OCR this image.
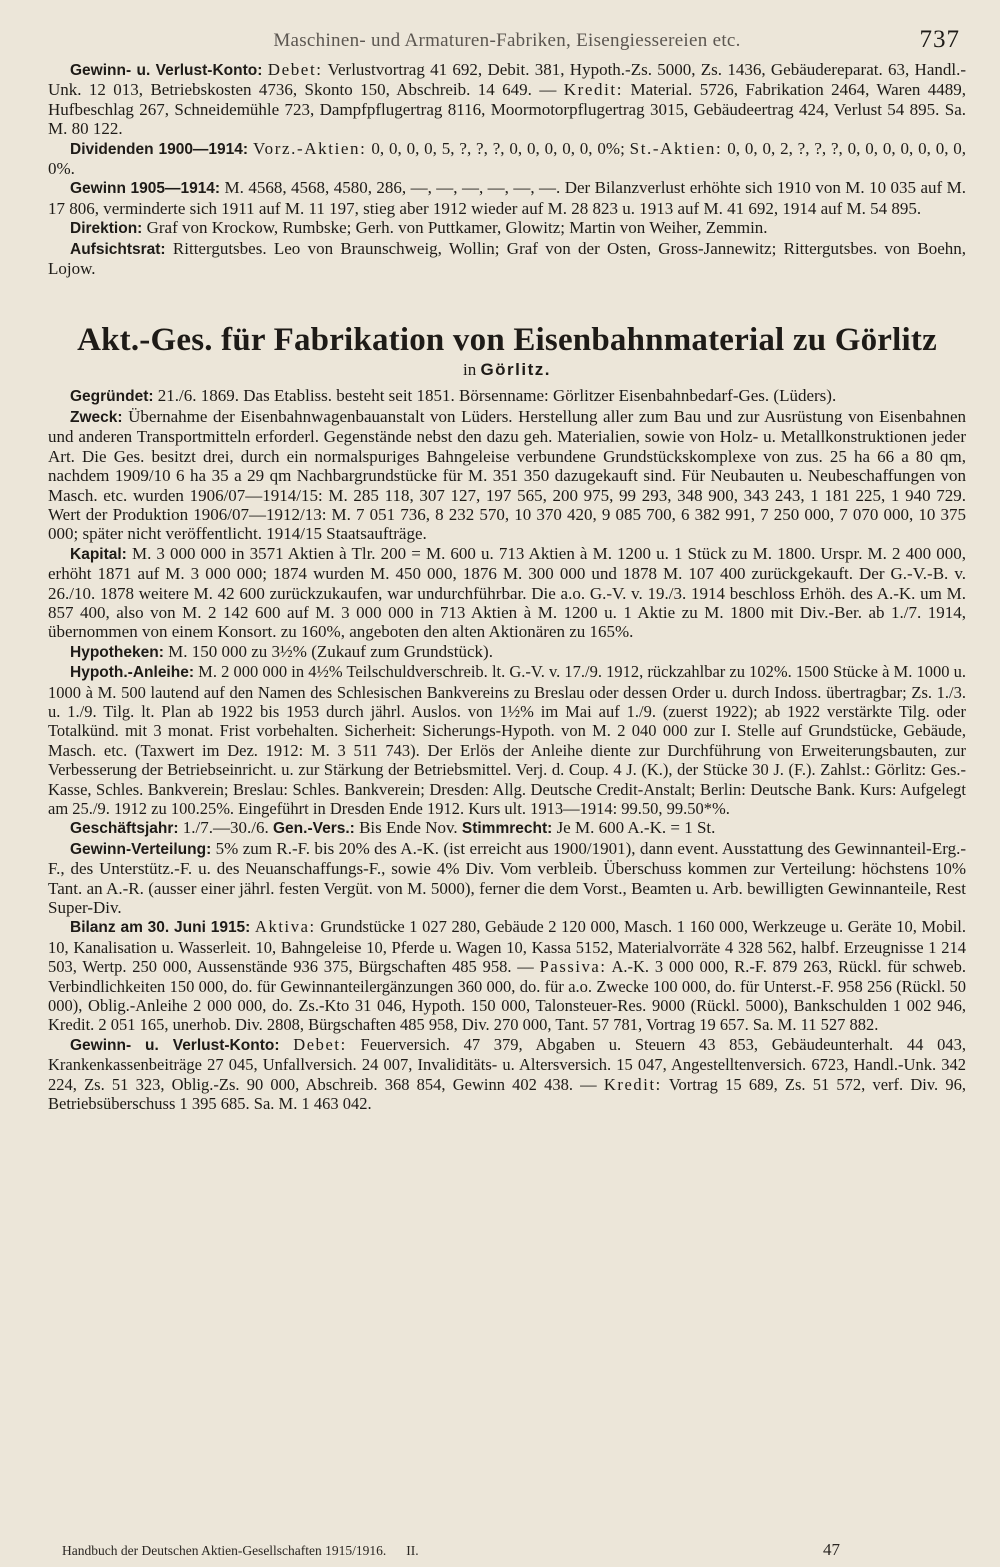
Maschinen- und Armaturen-Fabriken, Eisengiessereien etc.	737

Gewinn- u. Verlust-Konto: Debet: Verlustvortrag 41 692, Debit. 381, Hypoth.-Zs. 5000, Zs. 1436, Gebäudereparat. 63, Handl.-Unk. 12 013, Betriebskosten 4736, Skonto 150, Abschreib. 14 649. — Kredit: Material. 5726, Fabrikation 2464, Waren 4489, Hufbeschlag 267, Schneidemühle 723, Dampfpflugertrag 8116, Moormotorpflugertrag 3015, Gebäudeertrag 424, Verlust 54 895. Sa. M. 80 122.

Dividenden 1900—1914: Vorz.-Aktien: 0, 0, 0, 0, 5, ?, ?, ?, 0, 0, 0, 0, 0, 0%; St.-Aktien: 0, 0, 0, 2, ?, ?, ?, 0, 0, 0, 0, 0, 0, 0, 0%.

Gewinn 1905—1914: M. 4568, 4568, 4580, 286, —, —, —, —, —, —. Der Bilanzverlust erhöhte sich 1910 von M. 10 035 auf M. 17 806, verminderte sich 1911 auf M. 11 197, stieg aber 1912 wieder auf M. 28 823 u. 1913 auf M. 41 692, 1914 auf M. 54 895.

Direktion: Graf von Krockow, Rumbske; Gerh. von Puttkamer, Glowitz; Martin von Weiher, Zemmin.

Aufsichtsrat: Rittergutsbes. Leo von Braunschweig, Wollin; Graf von der Osten, Gross-Jannewitz; Rittergutsbes. von Boehn, Lojow.

Akt.-Ges. für Fabrikation von Eisenbahnmaterial zu Görlitz
in Görlitz.

Gegründet: 21./6. 1869. Das Etabliss. besteht seit 1851. Börsenname: Görlitzer Eisenbahnbedarf-Ges. (Lüders).

Zweck: Übernahme der Eisenbahnwagenbauanstalt von Lüders. Herstellung aller zum Bau und zur Ausrüstung von Eisenbahnen und anderen Transportmitteln erforderl. Gegenstände nebst den dazu geh. Materialien, sowie von Holz- u. Metallkonstruktionen jeder Art. Die Ges. besitzt drei, durch ein normalspuriges Bahngeleise verbundene Grundstückskomplexe von zus. 25 ha 66 a 80 qm, nachdem 1909/10 6 ha 35 a 29 qm Nachbargrundstücke für M. 351 350 dazugekauft sind. Für Neubauten u. Neubeschaffungen von Masch. etc. wurden 1906/07—1914/15: M. 285 118, 307 127, 197 565, 200 975, 99 293, 348 900, 343 243, 1 181 225, 1 940 729. Wert der Produktion 1906/07—1912/13: M. 7 051 736, 8 232 570, 10 370 420, 9 085 700, 6 382 991, 7 250 000, 7 070 000, 10 375 000; später nicht veröffentlicht. 1914/15 Staatsaufträge.

Kapital: M. 3 000 000 in 3571 Aktien à Tlr. 200 = M. 600 u. 713 Aktien à M. 1200 u. 1 Stück zu M. 1800. Urspr. M. 2 400 000, erhöht 1871 auf M. 3 000 000; 1874 wurden M. 450 000, 1876 M. 300 000 und 1878 M. 107 400 zurückgekauft. Der G.-V.-B. v. 26./10. 1878 weitere M. 42 600 zurückzukaufen, war undurchführbar. Die a.o. G.-V. v. 19./3. 1914 beschloss Erhöh. des A.-K. um M. 857 400, also von M. 2 142 600 auf M. 3 000 000 in 713 Aktien à M. 1200 u. 1 Aktie zu M. 1800 mit Div.-Ber. ab 1./7. 1914, übernommen von einem Konsort. zu 160%, angeboten den alten Aktionären zu 165%.

Hypotheken: M. 150 000 zu 3½% (Zukauf zum Grundstück).

Hypoth.-Anleihe: M. 2 000 000 in 4½% Teilschuldverschreib. lt. G.-V. v. 17./9. 1912, rückzahlbar zu 102%. 1500 Stücke à M. 1000 u. 1000 à M. 500 lautend auf den Namen des Schlesischen Bankvereins zu Breslau oder dessen Order u. durch Indoss. übertragbar; Zs. 1./3. u. 1./9. Tilg. lt. Plan ab 1922 bis 1953 durch jährl. Auslos. von 1½% im Mai auf 1./9. (zuerst 1922); ab 1922 verstärkte Tilg. oder Totalkünd. mit 3 monat. Frist vorbehalten. Sicherheit: Sicherungs-Hypoth. von M. 2 040 000 zur I. Stelle auf Grundstücke, Gebäude, Masch. etc. (Taxwert im Dez. 1912: M. 3 511 743). Der Erlös der Anleihe diente zur Durchführung von Erweiterungsbauten, zur Verbesserung der Betriebseinricht. u. zur Stärkung der Betriebsmittel. Verj. d. Coup. 4 J. (K.), der Stücke 30 J. (F.). Zahlst.: Görlitz: Ges.-Kasse, Schles. Bankverein; Breslau: Schles. Bankverein; Dresden: Allg. Deutsche Credit-Anstalt; Berlin: Deutsche Bank. Kurs: Aufgelegt am 25./9. 1912 zu 100.25%. Eingeführt in Dresden Ende 1912. Kurs ult. 1913—1914: 99.50, 99.50*%.

Geschäftsjahr: 1./7.—30./6. Gen.-Vers.: Bis Ende Nov. Stimmrecht: Je M. 600 A.-K. = 1 St.

Gewinn-Verteilung: 5% zum R.-F. bis 20% des A.-K. (ist erreicht aus 1900/1901), dann event. Ausstattung des Gewinnanteil-Erg.-F., des Unterstütz.-F. u. des Neuanschaffungs-F., sowie 4% Div. Vom verbleib. Überschuss kommen zur Verteilung: höchstens 10% Tant. an A.-R. (ausser einer jährl. festen Vergüt. von M. 5000), ferner die dem Vorst., Beamten u. Arb. bewilligten Gewinnanteile, Rest Super-Div.

Bilanz am 30. Juni 1915: Aktiva: Grundstücke 1 027 280, Gebäude 2 120 000, Masch. 1 160 000, Werkzeuge u. Geräte 10, Mobil. 10, Kanalisation u. Wasserleit. 10, Bahngeleise 10, Pferde u. Wagen 10, Kassa 5152, Materialvorräte 4 328 562, halbf. Erzeugnisse 1 214 503, Wertp. 250 000, Aussenstände 936 375, Bürgschaften 485 958. — Passiva: A.-K. 3 000 000, R.-F. 879 263, Rückl. für schweb. Verbindlichkeiten 150 000, do. für Gewinnanteilergänzungen 360 000, do. für a.o. Zwecke 100 000, do. für Unterst.-F. 958 256 (Rückl. 50 000), Oblig.-Anleihe 2 000 000, do. Zs.-Kto 31 046, Hypoth. 150 000, Talonsteuer-Res. 9000 (Rückl. 5000), Bankschulden 1 002 946, Kredit. 2 051 165, unerhob. Div. 2808, Bürgschaften 485 958, Div. 270 000, Tant. 57 781, Vortrag 19 657. Sa. M. 11 527 882.

Gewinn- u. Verlust-Konto: Debet: Feuerversich. 47 379, Abgaben u. Steuern 43 853, Gebäudeunterhalt. 44 043, Krankenkassenbeiträge 27 045, Unfallversich. 24 007, Invaliditäts- u. Altersversich. 15 047, Angestelltenversich. 6723, Handl.-Unk. 342 224, Zs. 51 323, Oblig.-Zs. 90 000, Abschreib. 368 854, Gewinn 402 438. — Kredit: Vortrag 15 689, Zs. 51 572, verf. Div. 96, Betriebsüberschuss 1 395 685. Sa. M. 1 463 042.

Handbuch der Deutschen Aktien-Gesellschaften 1915/1916. II.	47
